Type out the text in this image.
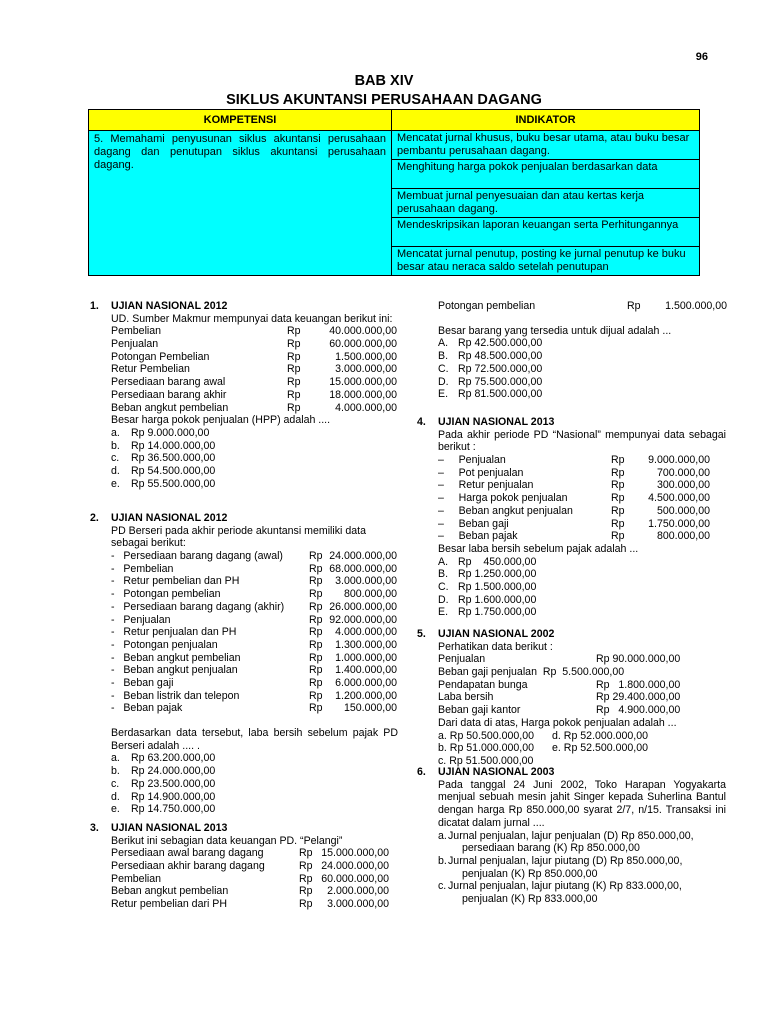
96
BAB XIV
SIKLUS AKUNTANSI PERUSAHAAN DAGANG
KOMPETENSI	INDIKATOR
5. Memahami penyusunan siklus akuntansi perusahaan dagang dan penutupan siklus akuntansi perusahaan dagang.	Mencatat jurnal khusus, buku besar utama, atau buku besar pembantu perusahaan dagang.
	Menghitung harga pokok penjualan berdasarkan data
	Membuat jurnal penyesuaian dan atau kertas kerja perusahaan dagang.
	Mendeskripsikan laporan keuangan serta Perhitungannya
	Mencatat jurnal penutup, posting ke jurnal penutup ke buku besar atau neraca saldo setelah penutupan
1. UJIAN NASIONAL 2012
UD. Sumber Makmur mempunyai data keuangan berikut ini:
Pembelian	Rp	40.000.000,00
Penjualan	Rp	60.000.000,00
Potongan Pembelian	Rp	1.500.000,00
Retur Pembelian	Rp	3.000.000,00
Persediaan barang awal	Rp	15.000.000,00
Persediaan barang akhir	Rp	18.000.000,00
Beban angkut pembelian	Rp	4.000.000,00
Besar harga pokok penjualan (HPP) adalah ....
a. Rp 9.000.000,00
b. Rp 14.000.000,00
c. Rp 36.500.000,00
d. Rp 54.500.000,00
e. Rp 55.500.000,00
2. UJIAN NASIONAL 2012
PD Berseri pada akhir periode akuntansi memiliki data sebagai berikut:
-   Persediaan barang dagang (awal) Rp 24.000.000,00
-   Pembelian	Rp 68.000.000,00
-   Retur pembelian dan PH	Rp	3.000.000,00
-   Potongan pembelian	Rp	800.000,00
-   Persediaan barang dagang (akhir) Rp 26.000.000,00
-   Penjualan	Rp 92.000.000,00
-   Retur penjualan dan PH	Rp	4.000.000,00
-   Potongan penjualan	Rp	1.300.000,00
-   Beban angkut pembelian	Rp	1.000.000,00
-   Beban angkut penjualan	Rp	1.400.000,00
-   Beban gaji	Rp	6.000.000,00
-   Beban listrik dan telepon	Rp	1.200.000,00
-   Beban pajak	Rp	150.000,00
Berdasarkan data tersebut, laba bersih sebelum pajak PD Berseri adalah .... .
a. Rp 63.200.000,00
b. Rp 24.000.000,00
c. Rp 23.500.000,00
d. Rp 14.900.000,00
e. Rp 14.750.000,00
3. UJIAN NASIONAL 2013
Berikut ini sebagian data keuangan PD. “Pelangi”
Persediaan awal barang dagang	Rp 15.000.000,00
Persediaan akhir barang dagang	Rp 24.000.000,00
Pembelian	Rp 60.000.000,00
Beban angkut pembelian	Rp	2.000.000,00
Retur pembelian dari PH	Rp	3.000.000,00
Potongan pembelian	Rp	1.500.000,00
Besar barang yang tersedia untuk dijual adalah ...
A. Rp 42.500.000,00
B. Rp 48.500.000,00
C. Rp 72.500.000,00
D. Rp 75.500.000,00
E. Rp 81.500.000,00
4. UJIAN NASIONAL 2013
Pada akhir periode PD “Nasional” mempunyai data sebagai berikut :
–     Penjualan	Rp	9.000.000,00
–     Pot penjualan	Rp	700.000,00
–     Retur penjualan	Rp	300.000,00
–     Harga pokok penjualan	Rp	4.500.000,00
–     Beban angkut penjualan	Rp	500.000,00
–     Beban gaji	Rp	1.750.000,00
–     Beban pajak	Rp	800.000,00
Besar laba bersih sebelum pajak adalah ...
A. Rp    450.000,00
B. Rp 1.250.000,00
C. Rp 1.500.000,00
D. Rp 1.600.000,00
E. Rp 1.750.000,00
5. UJIAN NASIONAL 2002
Perhatikan data berikut :
Penjualan	Rp 90.000.000,00
Beban gaji penjualan  Rp  5.500.000,00
Pendapatan bunga	Rp   1.800.000,00
Laba bersih	Rp 29.400.000,00
Beban gaji kantor	Rp   4.900.000,00
Dari data di atas, Harga pokok penjualan adalah ...
a. Rp 50.500.000,00 d. Rp 52.000.000,00
b. Rp 51.000.000,00 e. Rp 52.500.000,00
c. Rp 51.500.000,00
6. UJIAN NASIONAL 2003
Pada tanggal 24 Juni 2002, Toko Harapan Yogyakarta menjual sebuah mesin jahit Singer kepada Suherlina Bantul dengan harga Rp 850.000,00 syarat 2/7, n/15. Transaksi ini dicatat dalam jurnal ....
a. Jurnal penjualan, lajur penjualan (D) Rp 850.000,00,
persediaan barang (K) Rp 850.000,00
b. Jurnal penjualan, lajur piutang (D) Rp 850.000,00,
penjualan (K) Rp 850.000,00
c. Jurnal penjualan, lajur piutang (K) Rp 833.000,00,
penjualan (K) Rp 833.000,00
